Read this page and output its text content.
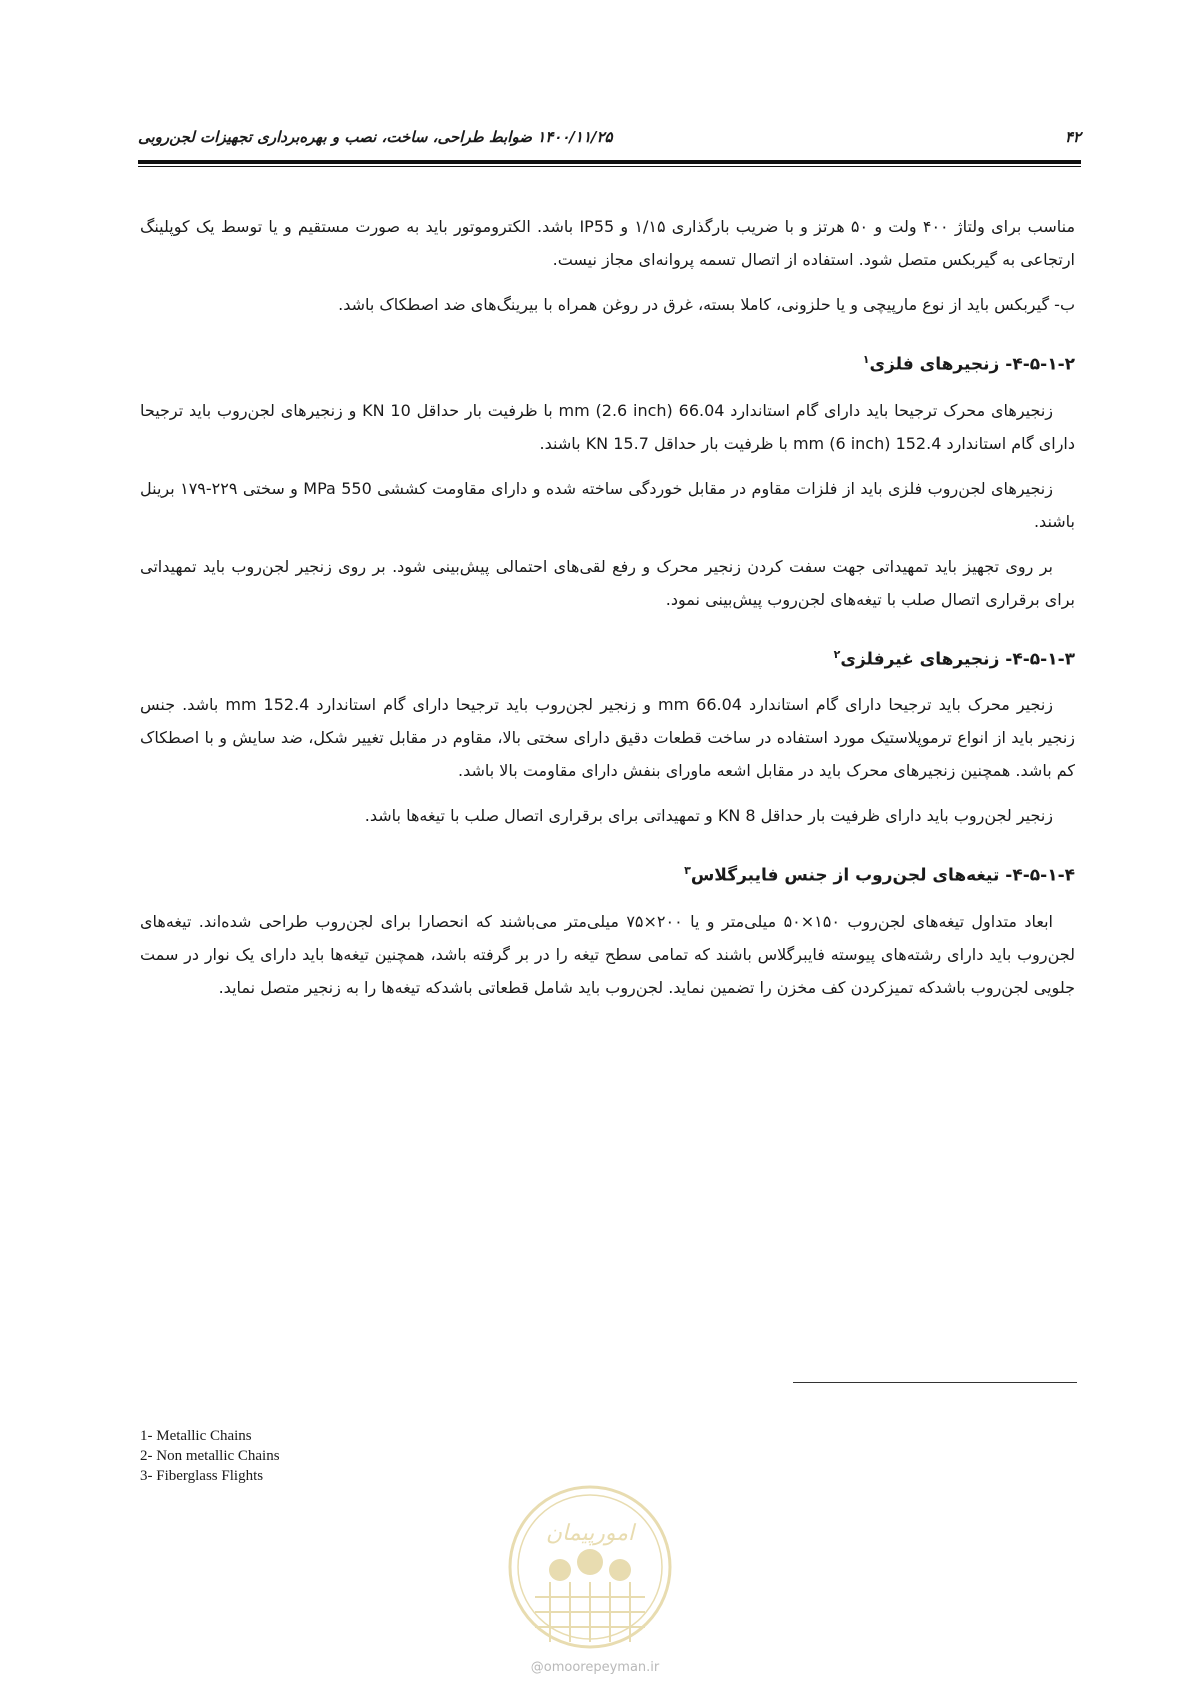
۴۲
۱۴۰۰/۱۱/۲۵ ضوابط طراحی، ساخت، نصب و بهره‌برداری تجهیزات لجن‌روبی

مناسب برای ولتاژ ۴۰۰ ولت و ۵۰ هرتز و با ضریب بارگذاری ۱/۱۵ و IP55 باشد. الکتروموتور باید به صورت مستقیم و یا توسط یک کوپلینگ ارتجاعی به گیربکس متصل شود. استفاده از اتصال تسمه پروانه‌ای مجاز نیست.

ب- گیربکس باید از نوع مارپیچی و یا حلزونی، کاملا بسته، غرق در روغن همراه با بیرینگ‌های ضد اصطکاک باشد.

۴-۵-۱-۲- زنجیرهای فلزی$^۱$

زنجیرهای محرک ترجیحا باید دارای گام استاندارد 66.04 mm (2.6 inch) با ظرفیت بار حداقل 10 KN و زنجیرهای لجن‌روب باید ترجیحا دارای گام استاندارد 152.4 mm (6 inch) با ظرفیت بار حداقل 15.7 KN باشند.

زنجیرهای لجن‌روب فلزی باید از فلزات مقاوم در مقابل خوردگی ساخته شده و دارای مقاومت کششی 550 MPa و سختی ۲۲۹-۱۷۹ برینل باشند.

بر روی تجهیز باید تمهیداتی جهت سفت کردن زنجیر محرک و رفع لقی‌های احتمالی پیش‌بینی شود. بر روی زنجیر لجن‌روب باید تمهیداتی برای برقراری اتصال صلب با تیغه‌های لجن‌روب پیش‌بینی نمود.

۴-۵-۱-۳- زنجیرهای غیرفلزی$^۲$

زنجیر محرک باید ترجیحا دارای گام استاندارد 66.04 mm و زنجیر لجن‌روب باید ترجیحا دارای گام استاندارد 152.4 mm باشد. جنس زنجیر باید از انواع ترموپلاستیک مورد استفاده در ساخت قطعات دقیق دارای سختی بالا، مقاوم در مقابل تغییر شکل، ضد سایش و با اصطکاک کم باشد. همچنین زنجیرهای محرک باید در مقابل اشعه ماورای بنفش دارای مقاومت بالا باشد.

زنجیر لجن‌روب باید دارای ظرفیت بار حداقل 8 KN و تمهیداتی برای برقراری اتصال صلب با تیغه‌ها باشد.

۴-۵-۱-۴- تیغه‌های لجن‌روب از جنس فایبرگلاس$^۳$

ابعاد متداول تیغه‌های لجن‌روب ۱۵۰×۵۰ میلی‌متر و یا ۲۰۰×۷۵ میلی‌متر می‌باشند که انحصارا برای لجن‌روب طراحی شده‌اند. تیغه‌های لجن‌روب باید دارای رشته‌های پیوسته فایبرگلاس باشند که تمامی سطح تیغه را در بر گرفته باشد، همچنین تیغه‌ها باید دارای یک نوار در سمت جلویی لجن‌روب باشدکه تمیزکردن کف مخزن را تضمین نماید. لجن‌روب باید شامل قطعاتی باشدکه تیغه‌ها را به زنجیر متصل نماید.

1- Metallic Chains
2- Non metallic Chains
3- Fiberglass Flights
امورپیمان
@omoorepeyman.ir
